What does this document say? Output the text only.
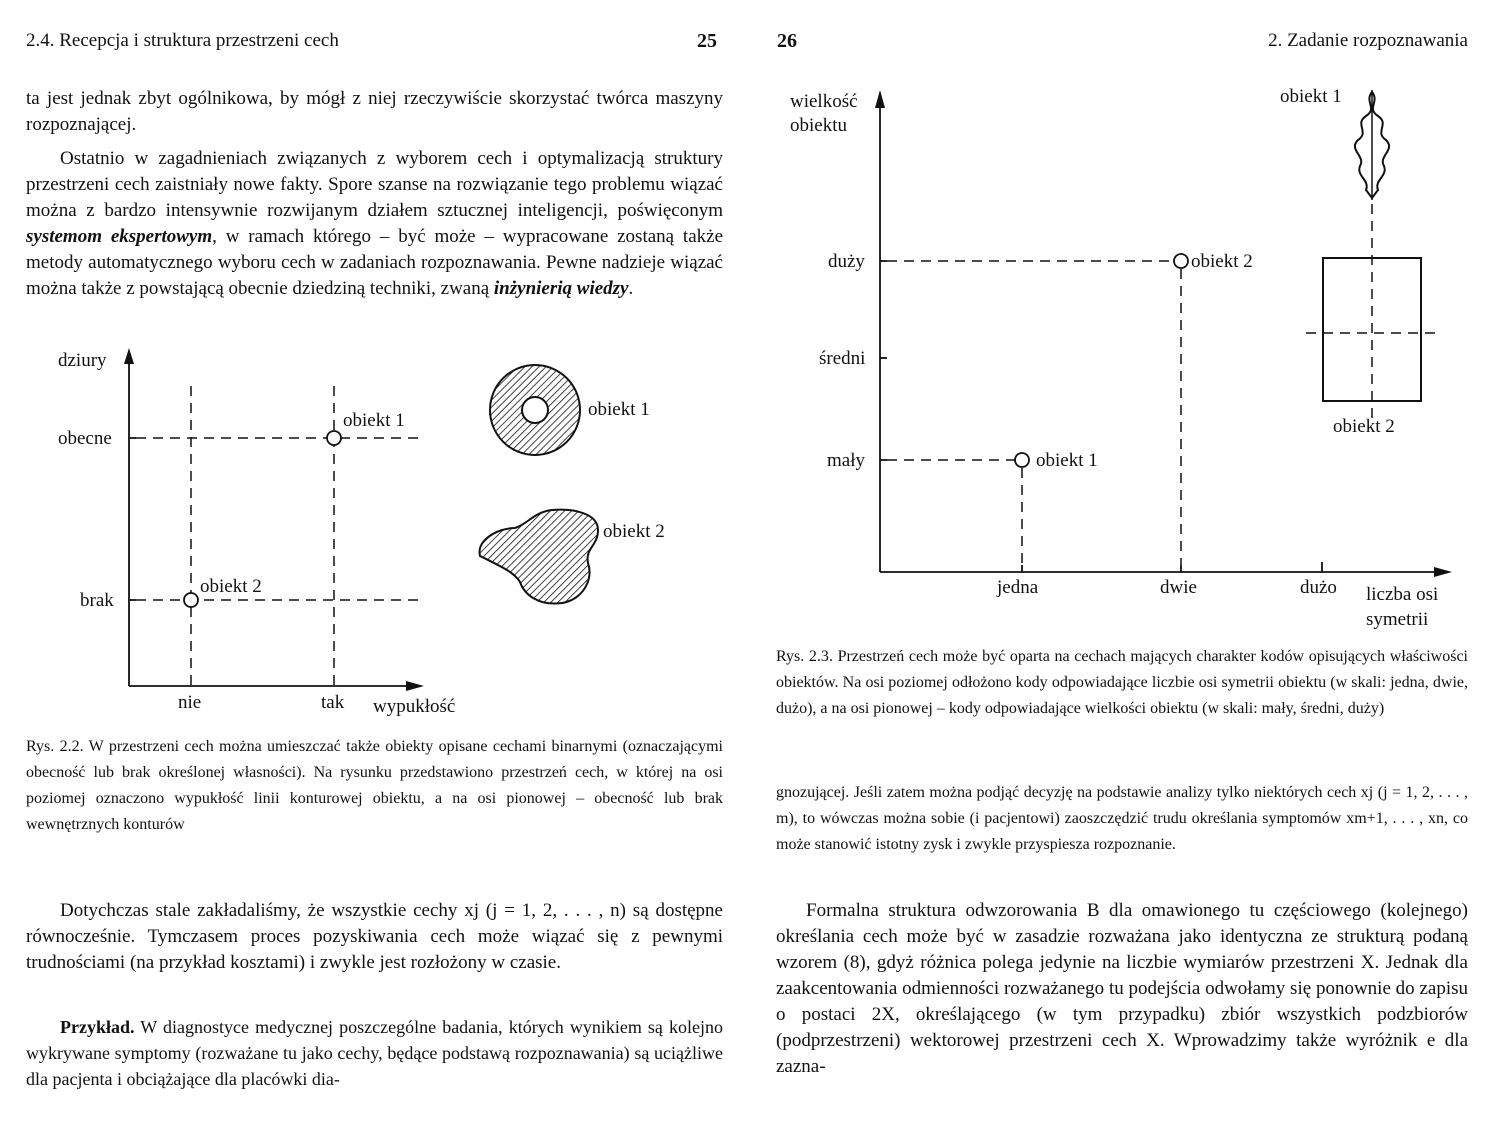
2.4. Recepcja i struktura przestrzeni cech	25
ta jest jednak zbyt ogólnikowa, by mógł z niej rzeczywiście skorzystać twórca maszyny rozpoznającej.
Ostatnio w zagadnieniach związanych z wyborem cech i optymalizacją struktury przestrzeni cech zaistniały nowe fakty. Spore szanse na rozwiązanie tego problemu wiązać można z bardzo intensywnie rozwijanym działem sztucznej inteligencji, poświęconym systemom ekspertowym, w ramach którego – być może – wypracowane zostaną także metody automatycznego wyboru cech w zadaniach rozpoznawania. Pewne nadzieje wiązać można także z powstającą obecnie dziedziną techniki, zwaną inżynierią wiedzy.
dziury
obecne
brak
nie	tak wypukłość
obiekt 1
obiekt 2
obiekt 1
obiekt 2
Rys. 2.2. W przestrzeni cech można umieszczać także obiekty opisane cechami binarnymi (oznaczającymi obecność lub brak określonej własności). Na rysunku przedstawiono przestrzeń cech, w której na osi poziomej oznaczono wypukłość linii konturowej obiektu, a na osi pionowej – obecność lub brak wewnętrznych konturów
Dotychczas stale zakładaliśmy, że wszystkie cechy xj (j = 1, 2, . . . , n) są dostępne równocześnie. Tymczasem proces pozyskiwania cech może wiązać się z pewnymi trudnościami (na przykład kosztami) i zwykle jest rozłożony w czasie.
Przykład. W diagnostyce medycznej poszczególne badania, których wynikiem są kolejno wykrywane symptomy (rozważane tu jako cechy, będące podstawą rozpoznawania) są uciążliwe dla pacjenta i obciążające dla placówki dia-
26	2. Zadanie rozpoznawania
wielkość
obiektu
duży
średni
mały
jedna	dwie	dużo liczba osi
symetrii
obiekt 2
obiekt 1
obiekt 1
obiekt 2
Rys. 2.3. Przestrzeń cech może być oparta na cechach mających charakter kodów opisujących właściwości obiektów. Na osi poziomej odłożono kody odpowiadające liczbie osi symetrii obiektu (w skali: jedna, dwie, dużo), a na osi pionowej – kody odpowiadające wielkości obiektu (w skali: mały, średni, duży)
gnozującej. Jeśli zatem można podjąć decyzję na podstawie analizy tylko niektórych cech xj (j = 1, 2, . . . , m), to wówczas można sobie (i pacjentowi) zaoszczędzić trudu określania symptomów xm+1, . . . , xn, co może stanowić istotny zysk i zwykle przyspiesza rozpoznanie.
Formalna struktura odwzorowania B dla omawionego tu częściowego (kolejnego) określania cech może być w zasadzie rozważana jako identyczna ze strukturą podaną wzorem (8), gdyż różnica polega jedynie na liczbie wymiarów przestrzeni X. Jednak dla zaakcentowania odmienności rozważanego tu podejścia odwołamy się ponownie do zapisu o postaci 2X, określającego (w tym przypadku) zbiór wszystkich podzbiorów (podprzestrzeni) wektorowej przestrzeni cech X. Wprowadzimy także wyróżnik e dla zazna-
